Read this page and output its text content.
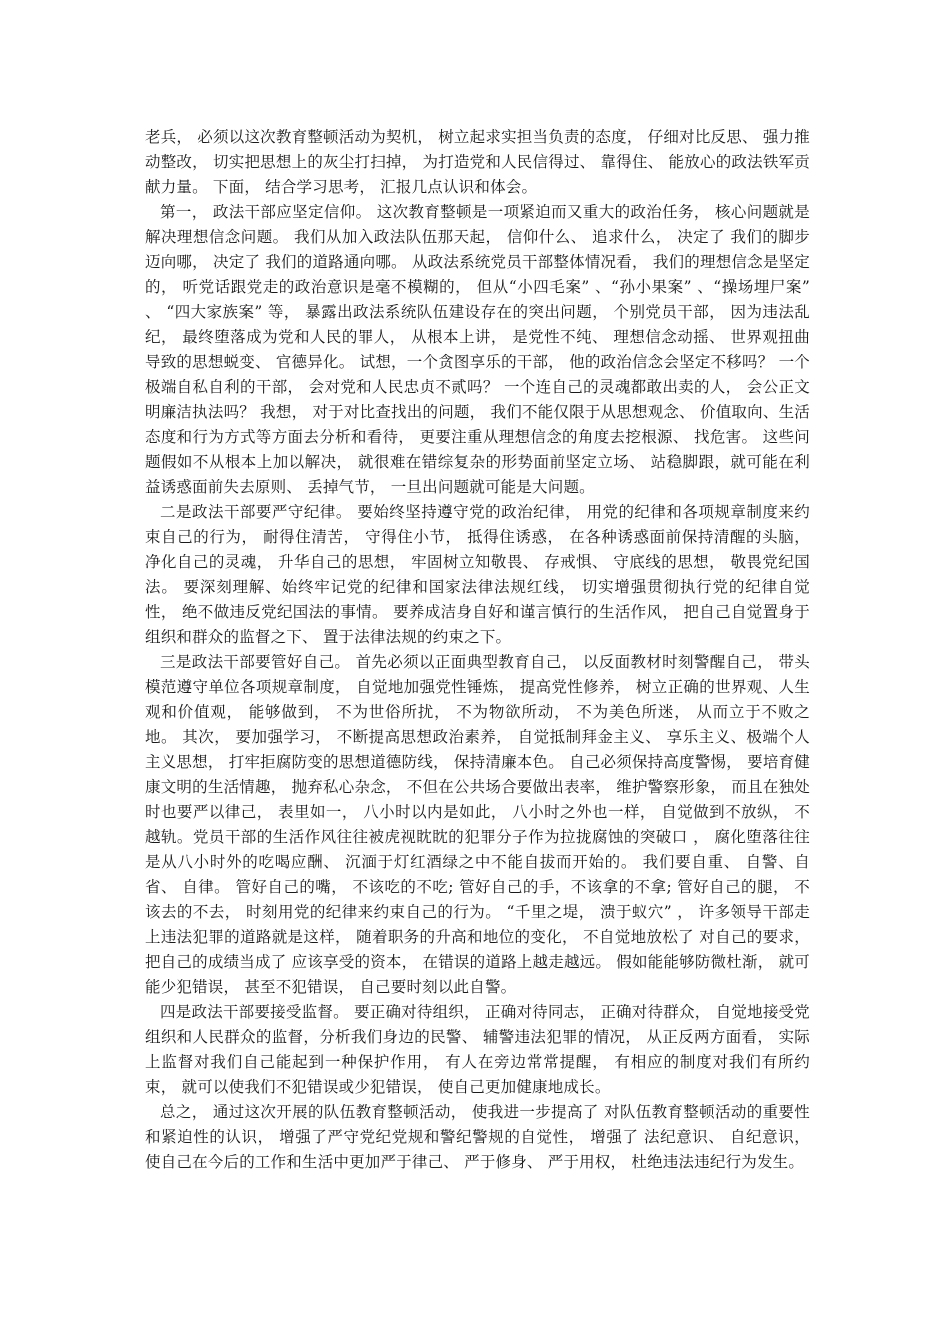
老兵， 必须以这次教育整顿活动为契机， 树立起求实担当负责的态度， 仔细对比反思、 强力推动整改， 切实把思想上的灰尘打扫掉， 为打造党和人民信得过、 靠得住、 能放心的政法铁军贡献力量。 下面， 结合学习思考， 汇报几点认识和体会。

第一， 政法干部应坚定信仰。 这次教育整顿是一项紧迫而又重大的政治任务， 核心问题就是解决理想信念问题。 我们从加入政法队伍那天起， 信仰什么、 追求什么， 决定了 我们的脚步迈向哪， 决定了 我们的道路通向哪。 从政法系统党员干部整体情况看， 我们的理想信念是坚定的， 听党话跟党走的政治意识是毫不模糊的， 但从“小四毛案” 、“孙小果案” 、“操场埋尸案” 、 “四大家族案” 等， 暴露出政法系统队伍建设存在的突出问题， 个别党员干部， 因为违法乱纪， 最终堕落成为党和人民的罪人， 从根本上讲， 是党性不纯、 理想信念动摇、 世界观扭曲导致的思想蜕变、 官德异化。 试想，一个贪图享乐的干部， 他的政治信念会坚定不移吗？ 一个极端自私自利的干部， 会对党和人民忠贞不贰吗？ 一个连自己的灵魂都敢出卖的人， 会公正文明廉洁执法吗？ 我想， 对于对比查找出的问题， 我们不能仅限于从思想观念、 价值取向、生活态度和行为方式等方面去分析和看待， 更要注重从理想信念的角度去挖根源、 找危害。 这些问题假如不从根本上加以解决， 就很难在错综复杂的形势面前坚定立场、 站稳脚跟，就可能在利益诱惑面前失去原则、 丢掉气节， 一旦出问题就可能是大问题。

二是政法干部要严守纪律。 要始终坚持遵守党的政治纪律， 用党的纪律和各项规章制度来约束自己的行为， 耐得住清苦， 守得住小节， 抵得住诱惑， 在各种诱惑面前保持清醒的头脑， 净化自己的灵魂， 升华自己的思想， 牢固树立知敬畏、 存戒惧、 守底线的思想， 敬畏党纪国法。 要深刻理解、始终牢记党的纪律和国家法律法规红线， 切实增强贯彻执行党的纪律自觉性， 绝不做违反党纪国法的事情。 要养成洁身自好和谨言慎行的生活作风， 把自己自觉置身于组织和群众的监督之下、 置于法律法规的约束之下。

三是政法干部要管好自己。 首先必须以正面典型教育自己， 以反面教材时刻警醒自己， 带头模范遵守单位各项规章制度， 自觉地加强党性锤炼， 提高党性修养， 树立正确的世界观、人生观和价值观， 能够做到， 不为世俗所扰， 不为物欲所动， 不为美色所迷， 从而立于不败之地。 其次， 要加强学习， 不断提高思想政治素养， 自觉抵制拜金主义、 享乐主义、极端个人主义思想， 打牢拒腐防变的思想道德防线， 保持清廉本色。 自己必须保持高度警惕， 要培育健康文明的生活情趣， 抛弃私心杂念， 不但在公共场合要做出表率， 维护警察形象， 而且在独处时也要严以律己， 表里如一， 八小时以内是如此， 八小时之外也一样， 自觉做到不放纵， 不越轨。党员干部的生活作风往往被虎视眈眈的犯罪分子作为拉拢腐蚀的突破口 ， 腐化堕落往往是从八小时外的吃喝应酬、 沉湎于灯红酒绿之中不能自拔而开始的。 我们要自重、 自警、自省、 自律。 管好自己的嘴， 不该吃的不吃; 管好自己的手，不该拿的不拿; 管好自己的腿， 不该去的不去， 时刻用党的纪律来约束自己的行为。 “千里之堤， 溃于蚁穴” ， 许多领导干部走上违法犯罪的道路就是这样， 随着职务的升高和地位的变化， 不自觉地放松了 对自己的要求， 把自己的成绩当成了 应该享受的资本， 在错误的道路上越走越远。 假如能能够防微杜渐， 就可能少犯错误， 甚至不犯错误， 自己要时刻以此自警。

四是政法干部要接受监督。 要正确对待组织， 正确对待同志， 正确对待群众， 自觉地接受党组织和人民群众的监督，分析我们身边的民警、 辅警违法犯罪的情况， 从正反两方面看， 实际上监督对我们自己能起到一种保护作用， 有人在旁边常常提醒， 有相应的制度对我们有所约束， 就可以使我们不犯错误或少犯错误， 使自己更加健康地成长。

总之， 通过这次开展的队伍教育整顿活动， 使我进一步提高了 对队伍教育整顿活动的重要性和紧迫性的认识， 增强了严守党纪党规和警纪警规的自觉性， 增强了 法纪意识、 自纪意识， 使自己在今后的工作和生活中更加严于律己、 严于修身、 严于用权， 杜绝违法违纪行为发生。
